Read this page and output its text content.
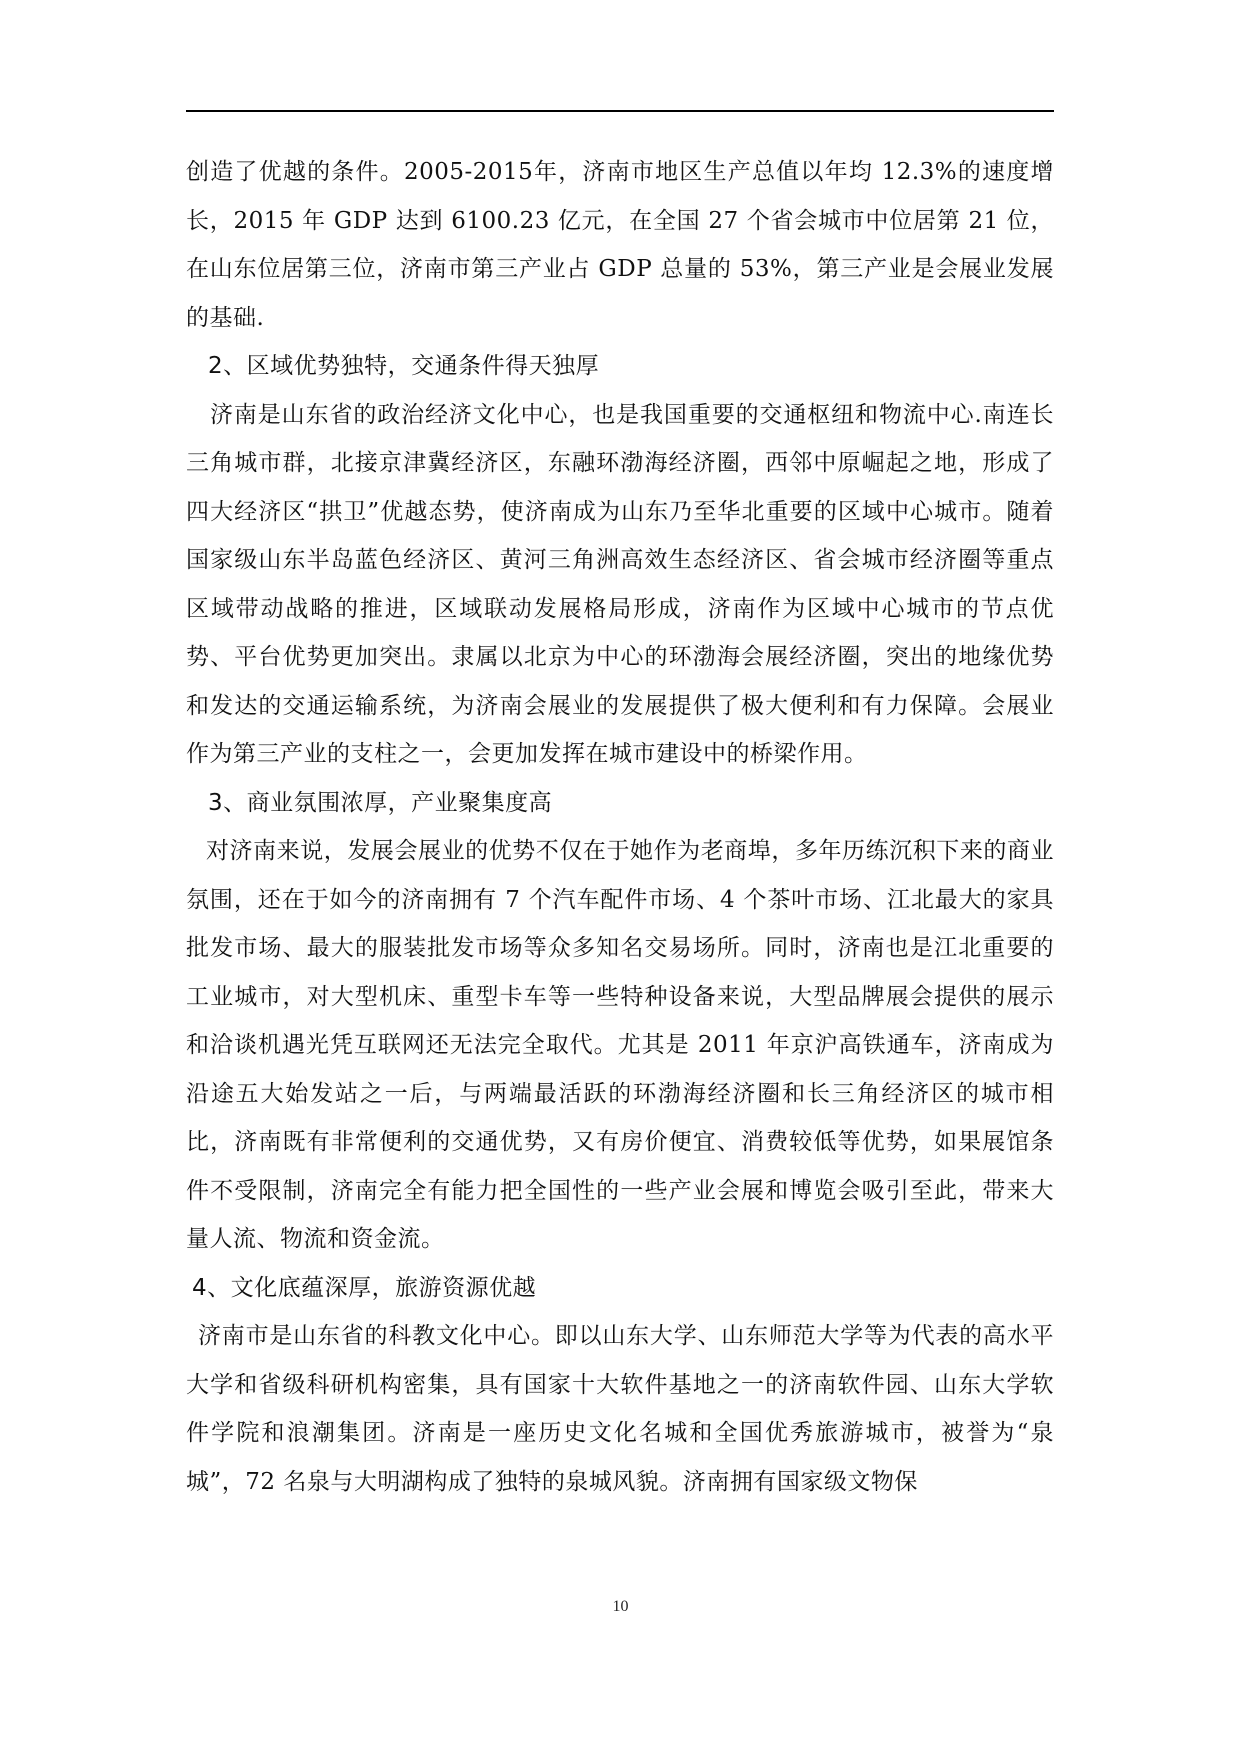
创造了优越的条件。2005-2015年，济南市地区生产总值以年均 12.3%的速度增长，2015 年 GDP 达到 6100.23 亿元，在全国 27 个省会城市中位居第 21 位， 在山东位居第三位，济南市第三产业占 GDP 总量的 53%，第三产业是会展业发展的基础.

2、区域优势独特，交通条件得天独厚

济南是山东省的政治经济文化中心，也是我国重要的交通枢纽和物流中心.南连长三角城市群，北接京津冀经济区，东融环渤海经济圈，西邻中原崛起之地，形成了四大经济区“拱卫”优越态势，使济南成为山东乃至华北重要的区域中心城市。随着国家级山东半岛蓝色经济区、黄河三角洲高效生态经济区、省会城市经济圈等重点区域带动战略的推进，区域联动发展格局形成，济南作为区域中心城市的节点优势、平台优势更加突出。隶属以北京为中心的环渤海会展经济圈，突出的地缘优势和发达的交通运输系统，为济南会展业的发展提供了极大便利和有力保障。会展业作为第三产业的支柱之一，会更加发挥在城市建设中的桥梁作用。

3、商业氛围浓厚，产业聚集度高

对济南来说，发展会展业的优势不仅在于她作为老商埠，多年历练沉积下来的商业氛围，还在于如今的济南拥有 7 个汽车配件市场、4 个茶叶市场、江北最大的家具批发市场、最大的服装批发市场等众多知名交易场所。同时，济南也是江北重要的工业城市，对大型机床、重型卡车等一些特种设备来说，大型品牌展会提供的展示和洽谈机遇光凭互联网还无法完全取代。尤其是 2011 年京沪高铁通车，济南成为沿途五大始发站之一后，与两端最活跃的环渤海经济圈和长三角经济区的城市相比，济南既有非常便利的交通优势，又有房价便宜、消费较低等优势，如果展馆条件不受限制，济南完全有能力把全国性的一些产业会展和博览会吸引至此，带来大量人流、物流和资金流。

4、文化底蕴深厚，旅游资源优越

济南市是山东省的科教文化中心。即以山东大学、山东师范大学等为代表的高水平大学和省级科研机构密集，具有国家十大软件基地之一的济南软件园、山东大学软件学院和浪潮集团。济南是一座历史文化名城和全国优秀旅游城市，被誉为“泉城”，72 名泉与大明湖构成了独特的泉城风貌。济南拥有国家级文物保

10
